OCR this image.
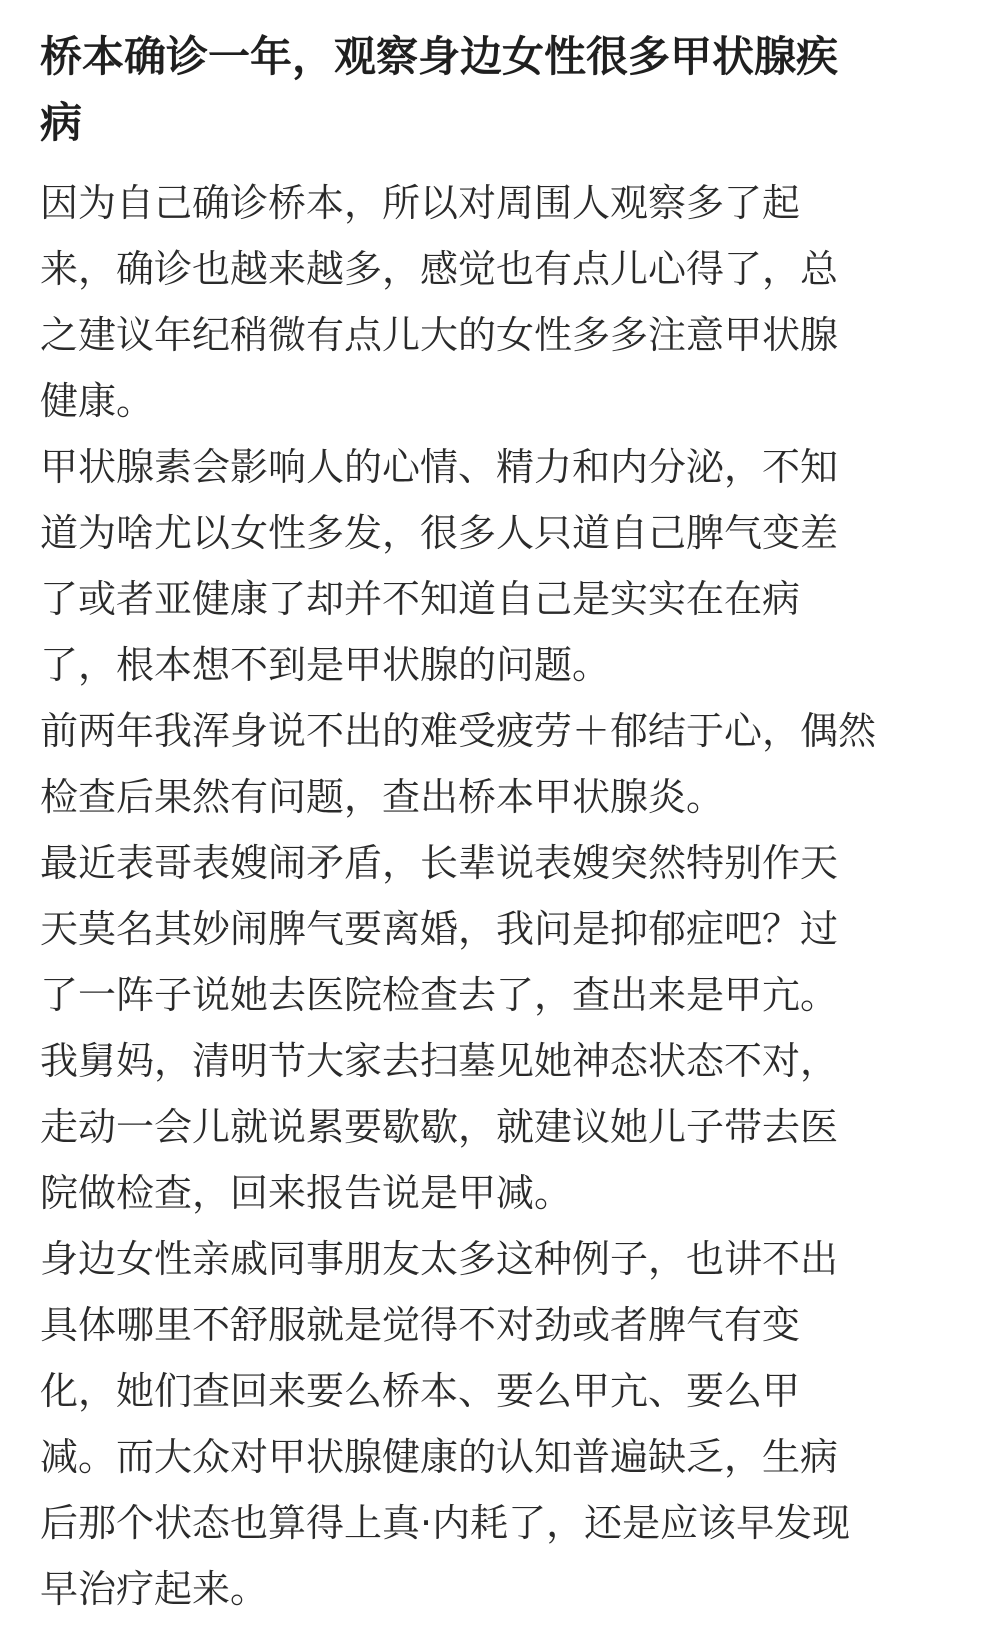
桥本确诊一年，观察身边女性很多甲状腺疾
病
因为自己确诊桥本，所以对周围人观察多了起
来，确诊也越来越多，感觉也有点儿心得了，总
之建议年纪稍微有点儿大的女性多多注意甲状腺
健康。
甲状腺素会影响人的心情、精力和内分泌，不知
道为啥尤以女性多发，很多人只道自己脾气变差
了或者亚健康了却并不知道自己是实实在在病
了，根本想不到是甲状腺的问题。
前两年我浑身说不出的难受疲劳＋郁结于心，偶然
检查后果然有问题，查出桥本甲状腺炎。
最近表哥表嫂闹矛盾，长辈说表嫂突然特别作天
天莫名其妙闹脾气要离婚，我问是抑郁症吧？过
了一阵子说她去医院检查去了，查出来是甲亢。
我舅妈，清明节大家去扫墓见她神态状态不对，
走动一会儿就说累要歇歇，就建议她儿子带去医
院做检查，回来报告说是甲减。
身边女性亲戚同事朋友太多这种例子，也讲不出
具体哪里不舒服就是觉得不对劲或者脾气有变
化，她们查回来要么桥本、要么甲亢、要么甲
减。而大众对甲状腺健康的认知普遍缺乏，生病
后那个状态也算得上真·内耗了，还是应该早发现
早治疗起来。
